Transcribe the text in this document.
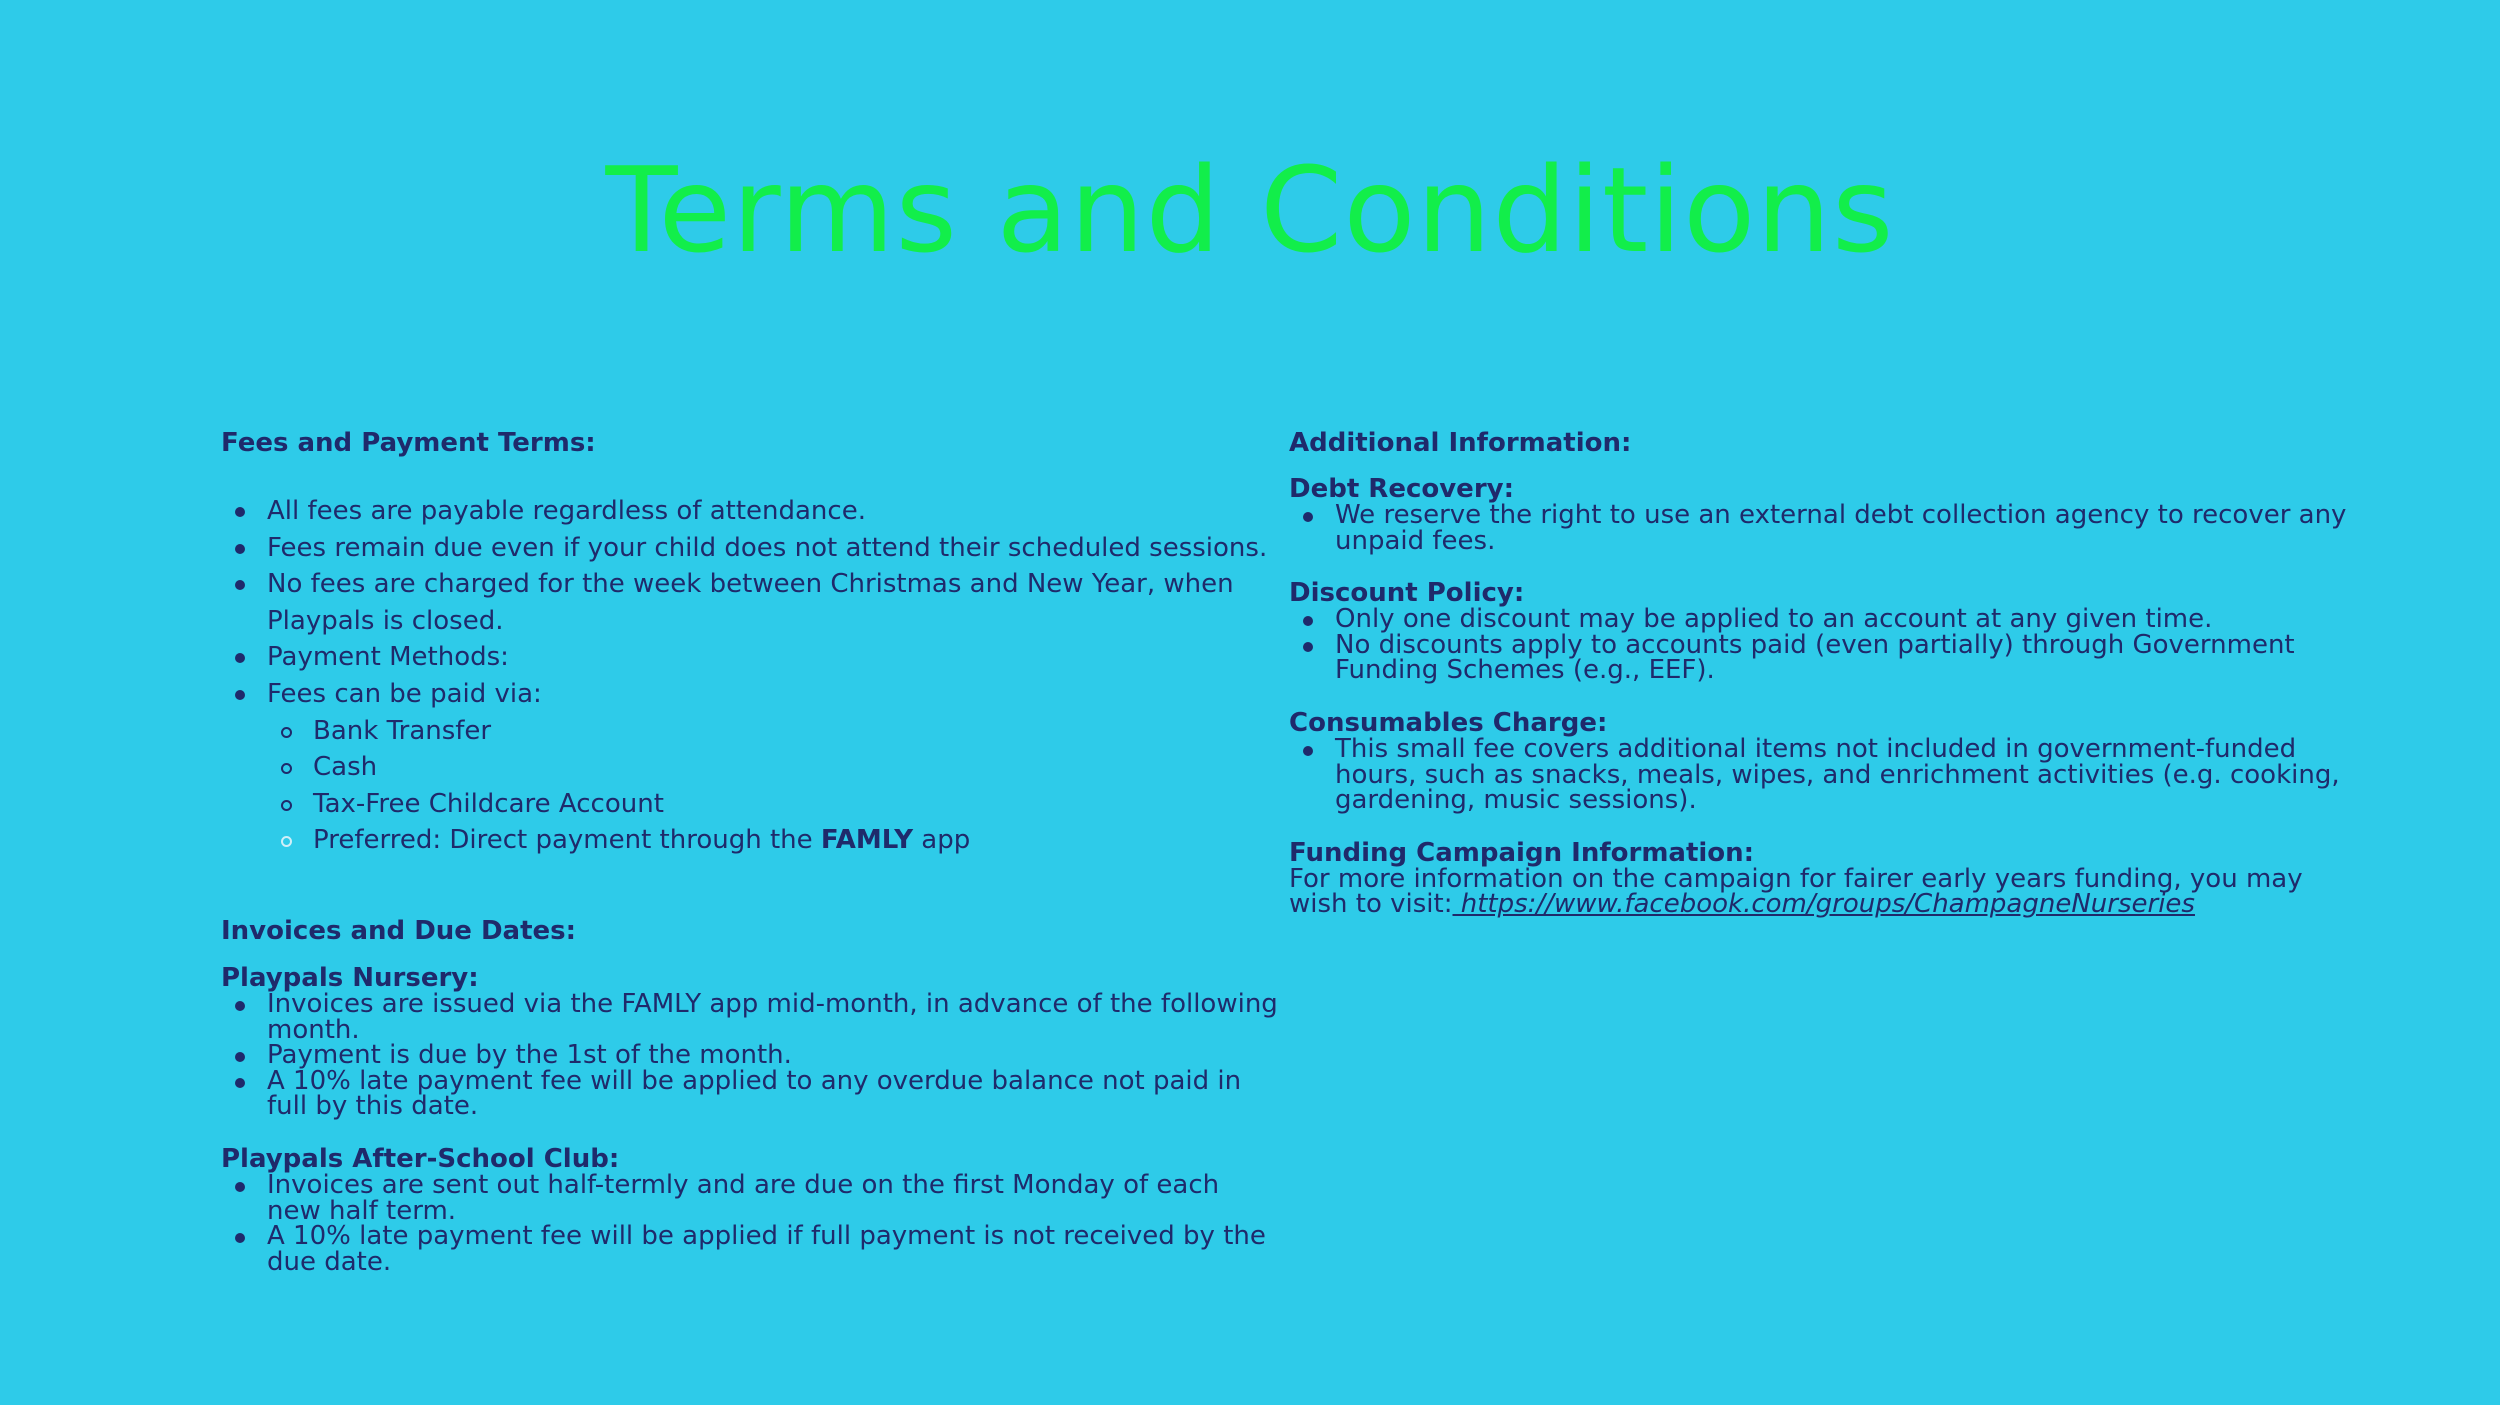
Terms and Conditions

Fees and Payment Terms:

All fees are payable regardless of attendance.
Fees remain due even if your child does not attend their scheduled sessions.
No fees are charged for the week between Christmas and New Year, when
Playpals is closed.
Payment Methods:
Fees can be paid via:
Bank Transfer
Cash
Tax-Free Childcare Account
Preferred: Direct payment through the FAMLY app

Invoices and Due Dates:

Playpals Nursery:

Invoices are issued via the FAMLY app mid-month, in advance of the following month.
Payment is due by the 1st of the month.
A 10% late payment fee will be applied to any overdue balance not paid in full by this date.

Playpals After-School Club:

Invoices are sent out half-termly and are due on the first Monday of each new half term.
A 10% late payment fee will be applied if full payment is not received by the due date.

Additional Information:

Debt Recovery:

We reserve the right to use an external debt collection agency to recover any unpaid fees.

Discount Policy:

Only one discount may be applied to an account at any given time.
No discounts apply to accounts paid (even partially) through Government Funding Schemes (e.g., EEF).

Consumables Charge:

This small fee covers additional items not included in government-funded hours, such as snacks, meals, wipes, and enrichment activities (e.g. cooking, gardening, music sessions).

Funding Campaign Information:

For more information on the campaign for fairer early years funding, you may wish to visit: https://www.facebook.com/groups/ChampagneNurseries
